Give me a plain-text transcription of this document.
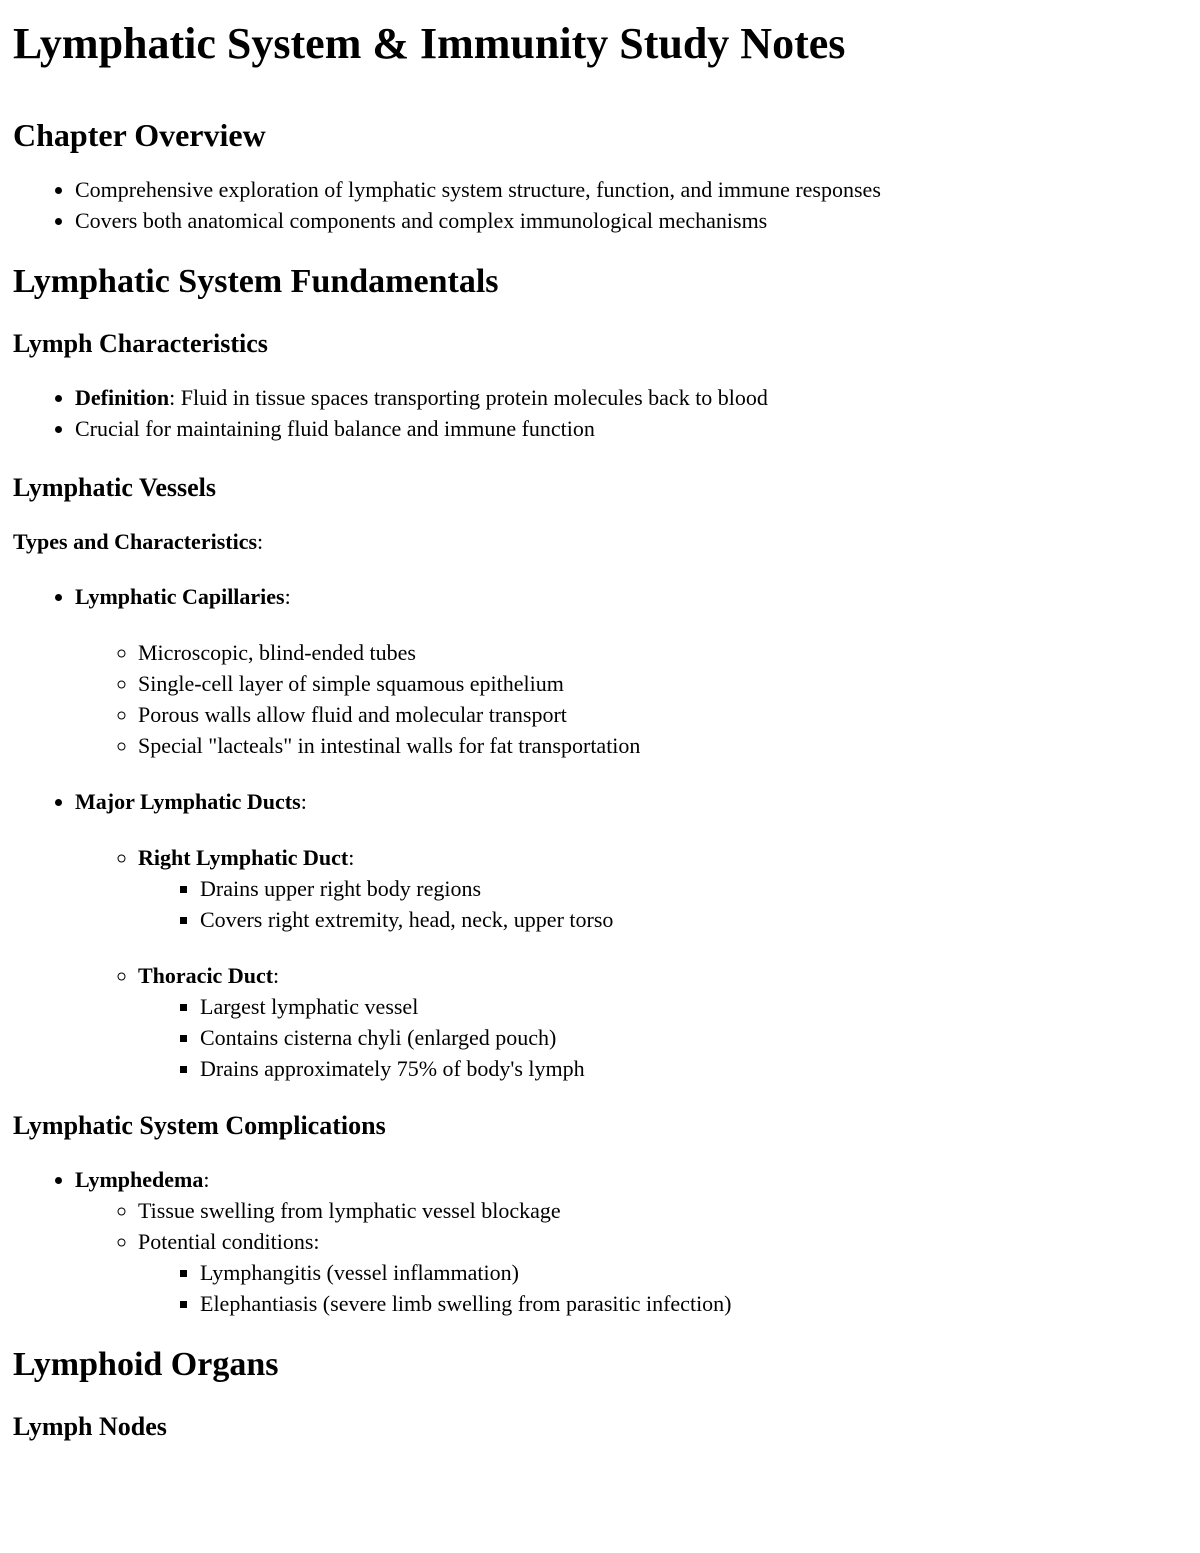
Lymphatic System & Immunity Study Notes
Chapter Overview
• Comprehensive exploration of lymphatic system structure, function, and immune responses
• Covers both anatomical components and complex immunological mechanisms
Lymphatic System Fundamentals
Lymph Characteristics
• Definition: Fluid in tissue spaces transporting protein molecules back to blood
• Crucial for maintaining fluid balance and immune function
Lymphatic Vessels

Types and Characteristics:

• Lymphatic Capillaries:
◦ Microscopic, blind-ended tubes
◦ Single-cell layer of simple squamous epithelium
◦ Porous walls allow fluid and molecular transport
◦ Special "lacteals" in intestinal walls for fat transportation
• Major Lymphatic Ducts:
◦ Right Lymphatic Duct:
▪ Drains upper right body regions
▪ Covers right extremity, head, neck, upper torso
◦ Thoracic Duct:
▪ Largest lymphatic vessel
▪ Contains cisterna chyli (enlarged pouch)
▪ Drains approximately 75% of body's lymph
Lymphatic System Complications
• Lymphedema:
◦ Tissue swelling from lymphatic vessel blockage
◦ Potential conditions:
▪ Lymphangitis (vessel inflammation)
▪ Elephantiasis (severe limb swelling from parasitic infection)
Lymphoid Organs
Lymph Nodes
